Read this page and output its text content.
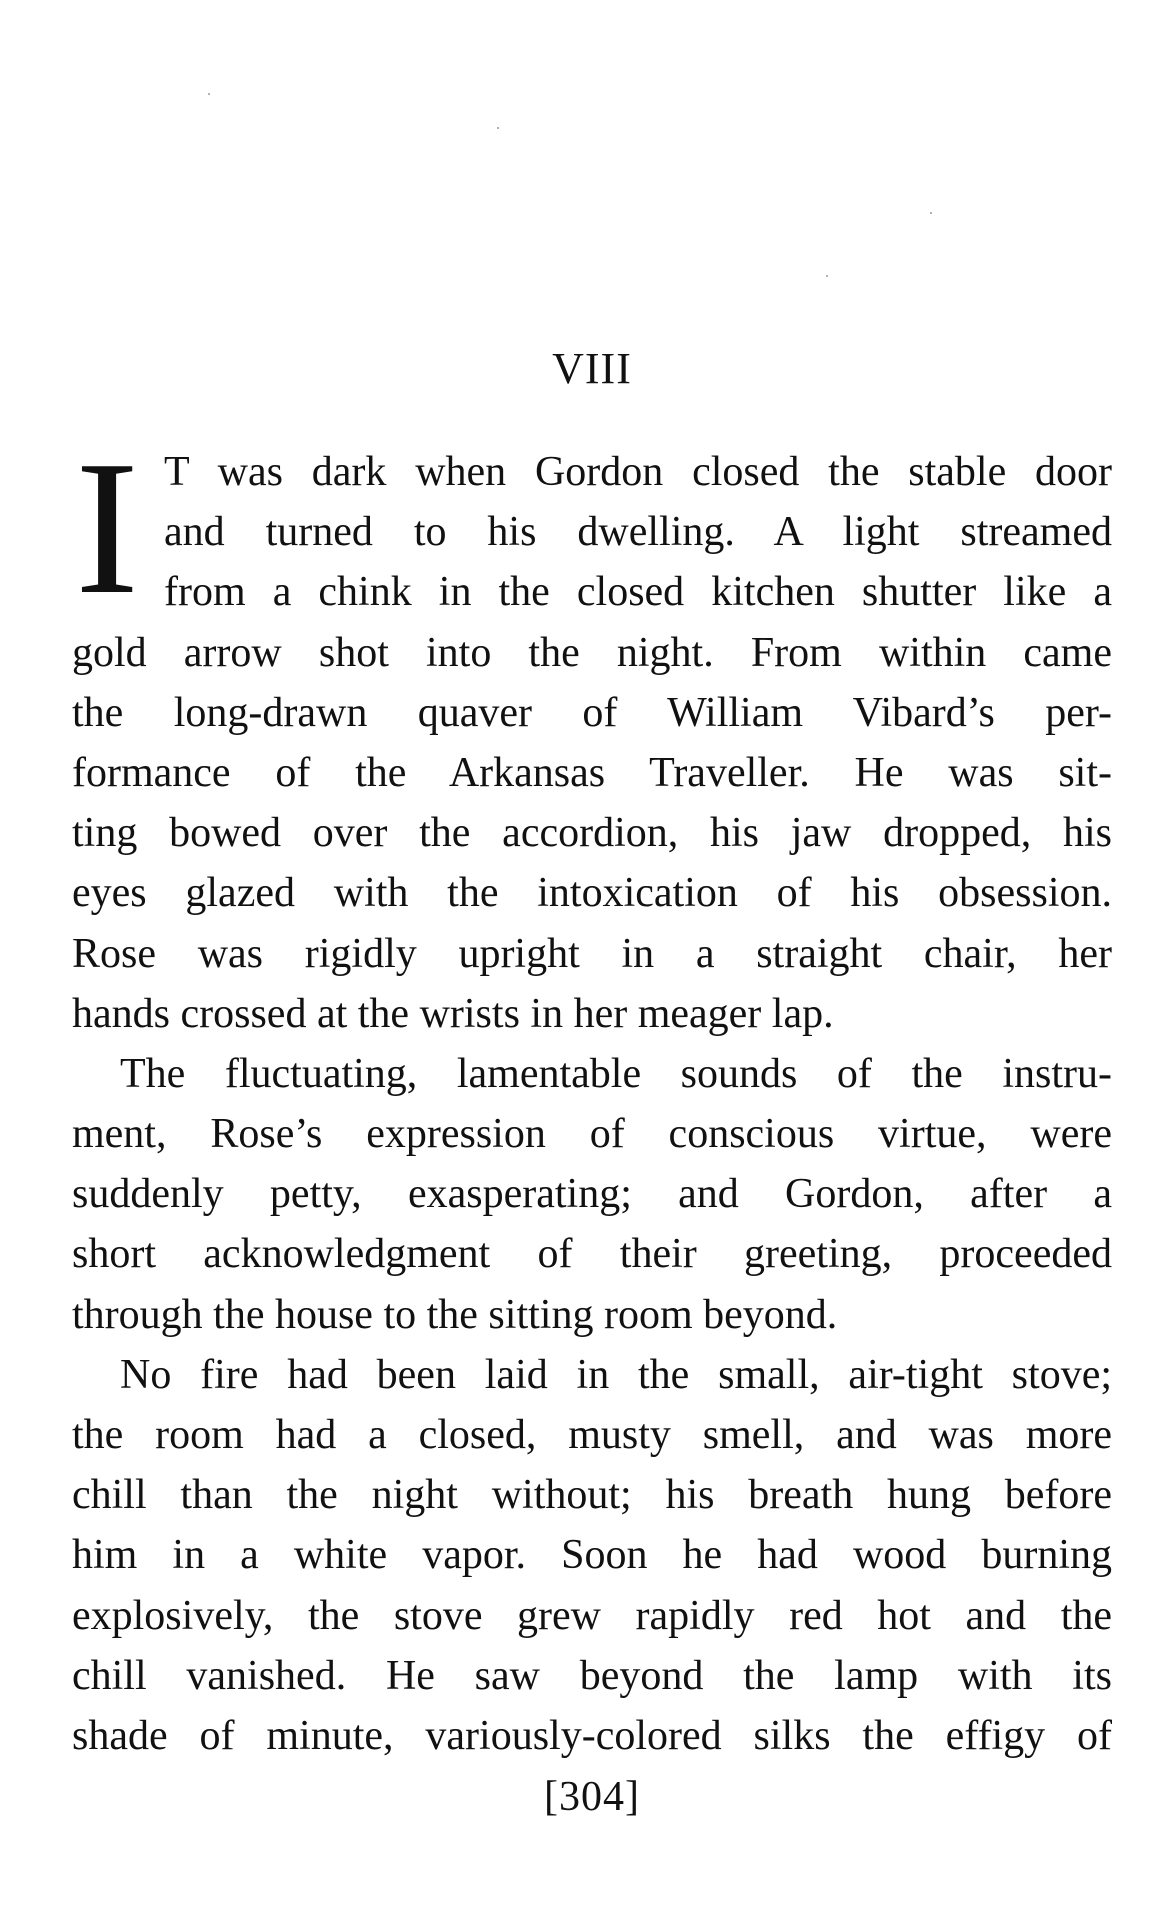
VIII
I T was dark when Gordon closed the stable door
and turned to his dwelling. A light streamed
from a chink in the closed kitchen shutter like a
gold arrow shot into the night. From within came
the long-drawn quaver of William Vibard’s per-
formance of the Arkansas Traveller. He was sit-
ting bowed over the accordion, his jaw dropped, his
eyes glazed with the intoxication of his obsession.
Rose was rigidly upright in a straight chair, her
hands crossed at the wrists in her meager lap.
The fluctuating, lamentable sounds of the instru-
ment, Rose’s expression of conscious virtue, were
suddenly petty, exasperating; and Gordon, after a
short acknowledgment of their greeting, proceeded
through the house to the sitting room beyond.
No fire had been laid in the small, air-tight stove;
the room had a closed, musty smell, and was more
chill than the night without; his breath hung before
him in a white vapor. Soon he had wood burning
explosively, the stove grew rapidly red hot and the
chill vanished. He saw beyond the lamp with its
shade of minute, variously-colored silks the effigy of
[304]
